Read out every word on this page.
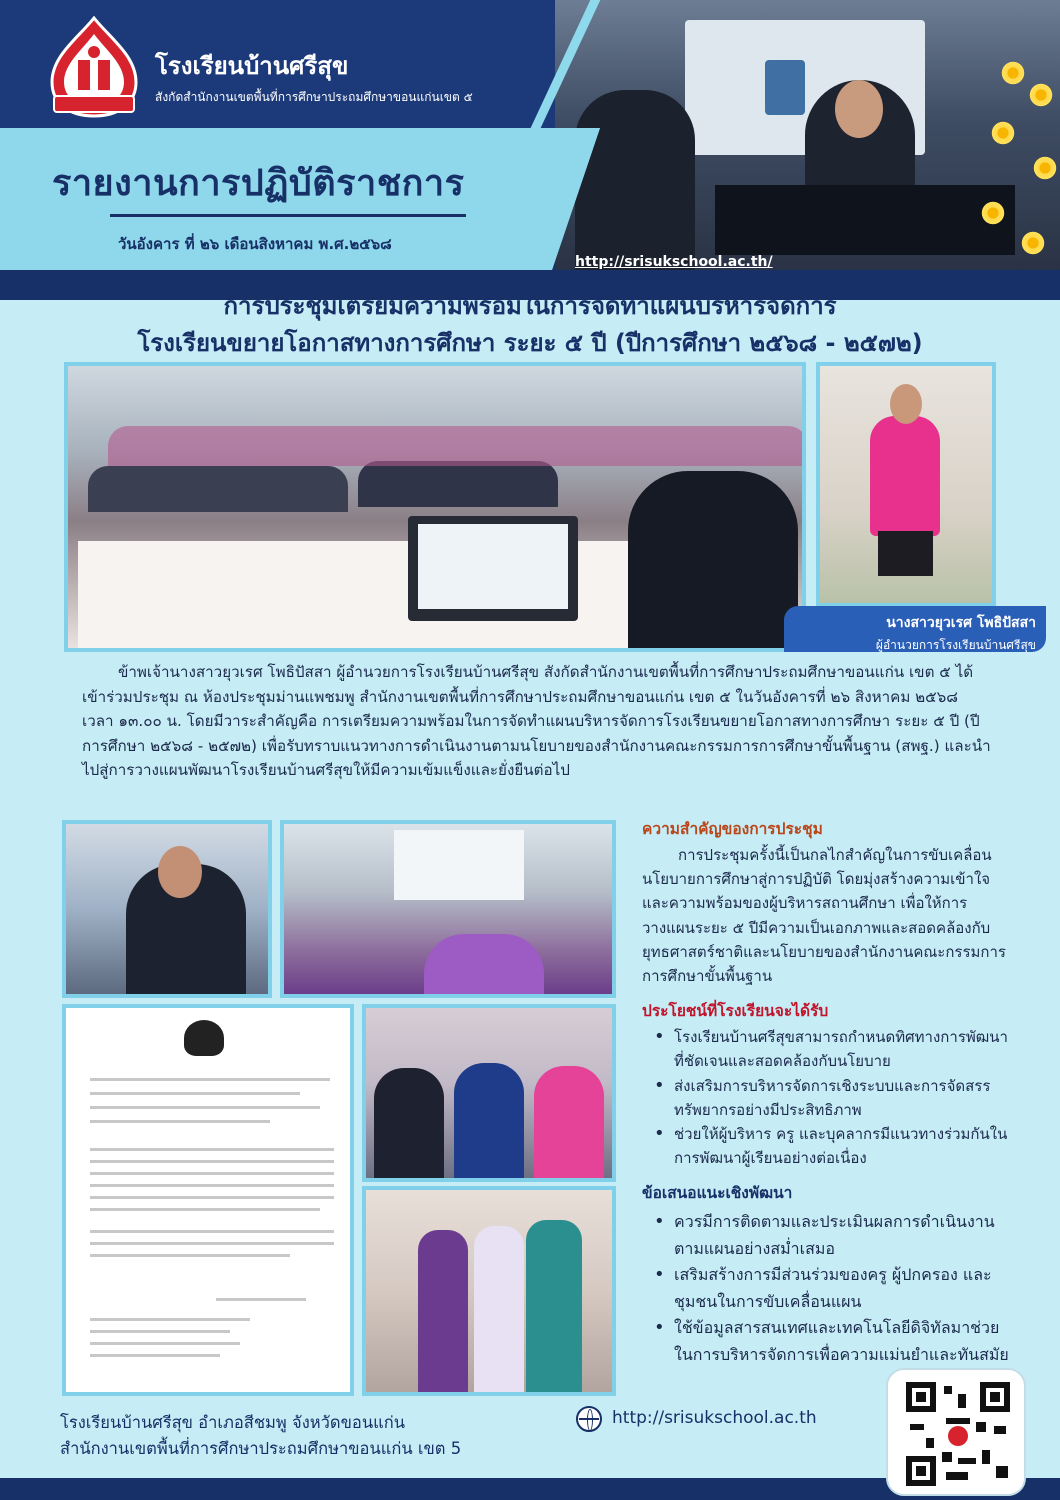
โรงเรียนบ้านศรีสุข
สังกัดสำนักงานเขตพื้นที่การศึกษาประถมศึกษาขอนแก่นเขต ๕
รายงานการปฏิบัติราชการ
วันอังคาร ที่ ๒๖ เดือนสิงหาคม พ.ศ.๒๕๖๘
http://srisukschool.ac.th/
การประชุมเตรียมความพร้อมในการจัดทำแผนบริหารจัดการ
โรงเรียนขยายโอกาสทางการศึกษา ระยะ ๕ ปี (ปีการศึกษา ๒๕๖๘ - ๒๕๗๒)
นางสาวยุวเรศ โพธิปัสสา
ผู้อำนวยการโรงเรียนบ้านศรีสุข
ข้าพเจ้านางสาวยุวเรศ โพธิปัสสา ผู้อำนวยการโรงเรียนบ้านศรีสุข สังกัดสำนักงานเขตพื้นที่การศึกษาประถมศึกษาขอนแก่น เขต ๕ ได้เข้าร่วมประชุม ณ ห้องประชุมม่านแพชมพู สำนักงานเขตพื้นที่การศึกษาประถมศึกษาขอนแก่น เขต ๕ ในวันอังคารที่ ๒๖ สิงหาคม ๒๕๖๘ เวลา ๑๓.๐๐ น. โดยมีวาระสำคัญคือ การเตรียมความพร้อมในการจัดทำแผนบริหารจัดการโรงเรียนขยายโอกาสทางการศึกษา ระยะ ๕ ปี (ปีการศึกษา ๒๕๖๘ - ๒๕๗๒) เพื่อรับทราบแนวทางการดำเนินงานตามนโยบายของสำนักงานคณะกรรมการการศึกษาขั้นพื้นฐาน (สพฐ.) และนำไปสู่การวางแผนพัฒนาโรงเรียนบ้านศรีสุขให้มีความเข้มแข็งและยั่งยืนต่อไป
ความสำคัญของการประชุม
การประชุมครั้งนี้เป็นกลไกสำคัญในการขับเคลื่อนนโยบายการศึกษาสู่การปฏิบัติ โดยมุ่งสร้างความเข้าใจและความพร้อมของผู้บริหารสถานศึกษา เพื่อให้การวางแผนระยะ ๕ ปีมีความเป็นเอกภาพและสอดคล้องกับยุทธศาสตร์ชาติและนโยบายของสำนักงานคณะกรรมการการศึกษาขั้นพื้นฐาน
ประโยชน์ที่โรงเรียนจะได้รับ
• โรงเรียนบ้านศรีสุขสามารถกำหนดทิศทางการพัฒนาที่ชัดเจนและสอดคล้องกับนโยบาย
• ส่งเสริมการบริหารจัดการเชิงระบบและการจัดสรรทรัพยากรอย่างมีประสิทธิภาพ
• ช่วยให้ผู้บริหาร ครู และบุคลากรมีแนวทางร่วมกันในการพัฒนาผู้เรียนอย่างต่อเนื่อง
ข้อเสนอแนะเชิงพัฒนา
• ควรมีการติดตามและประเมินผลการดำเนินงานตามแผนอย่างสม่ำเสมอ
• เสริมสร้างการมีส่วนร่วมของครู ผู้ปกครอง และชุมชนในการขับเคลื่อนแผน
• ใช้ข้อมูลสารสนเทศและเทคโนโลยีดิจิทัลมาช่วยในการบริหารจัดการเพื่อความแม่นยำและทันสมัย
โรงเรียนบ้านศรีสุข อำเภอสีชมพู จังหวัดขอนแก่น
สำนักงานเขตพื้นที่การศึกษาประถมศึกษาขอนแก่น เขต 5
http://srisukschool.ac.th
